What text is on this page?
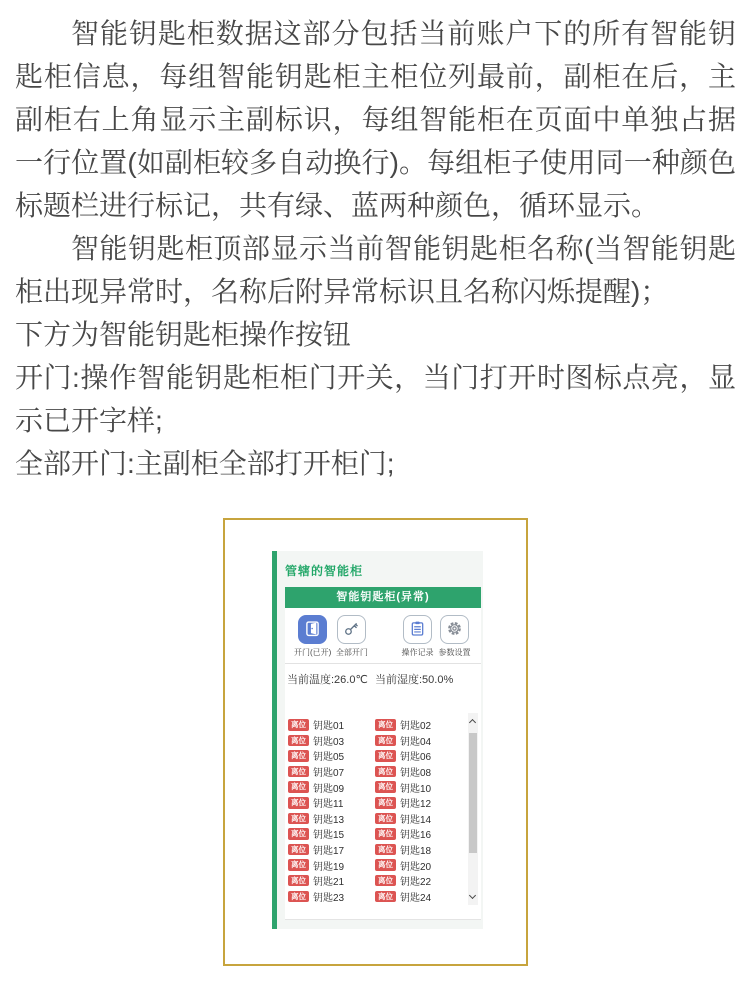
智能钥匙柜数据这部分包括当前账户下的所有智能钥匙柜信息，每组智能钥匙柜主柜位列最前，副柜在后，主副柜右上角显示主副标识，每组智能柜在页面中单独占据一行位置(如副柜较多自动换行)。每组柜子使用同一种颜色标题栏进行标记，共有绿、蓝两种颜色，循环显示。

智能钥匙柜顶部显示当前智能钥匙柜名称(当智能钥匙柜出现异常时，名称后附异常标识且名称闪烁提醒)；

下方为智能钥匙柜操作按钮

开门:操作智能钥匙柜柜门开关，当门打开时图标点亮，显示已开字样;

全部开门:主副柜全部打开柜门;

管辖的智能柜
智能钥匙柜(异常)
开门(已开) 全部开门	操作记录 参数设置
当前温度:26.0℃ 当前湿度:50.0%
离位 钥匙01	离位 钥匙02
离位 钥匙03	离位 钥匙04
离位 钥匙05	离位 钥匙06
离位 钥匙07	离位 钥匙08
离位 钥匙09	离位 钥匙10
离位 钥匙11	离位 钥匙12
离位 钥匙13	离位 钥匙14
离位 钥匙15	离位 钥匙16
离位 钥匙17	离位 钥匙18
离位 钥匙19	离位 钥匙20
离位 钥匙21	离位 钥匙22
离位 钥匙23	离位 钥匙24
